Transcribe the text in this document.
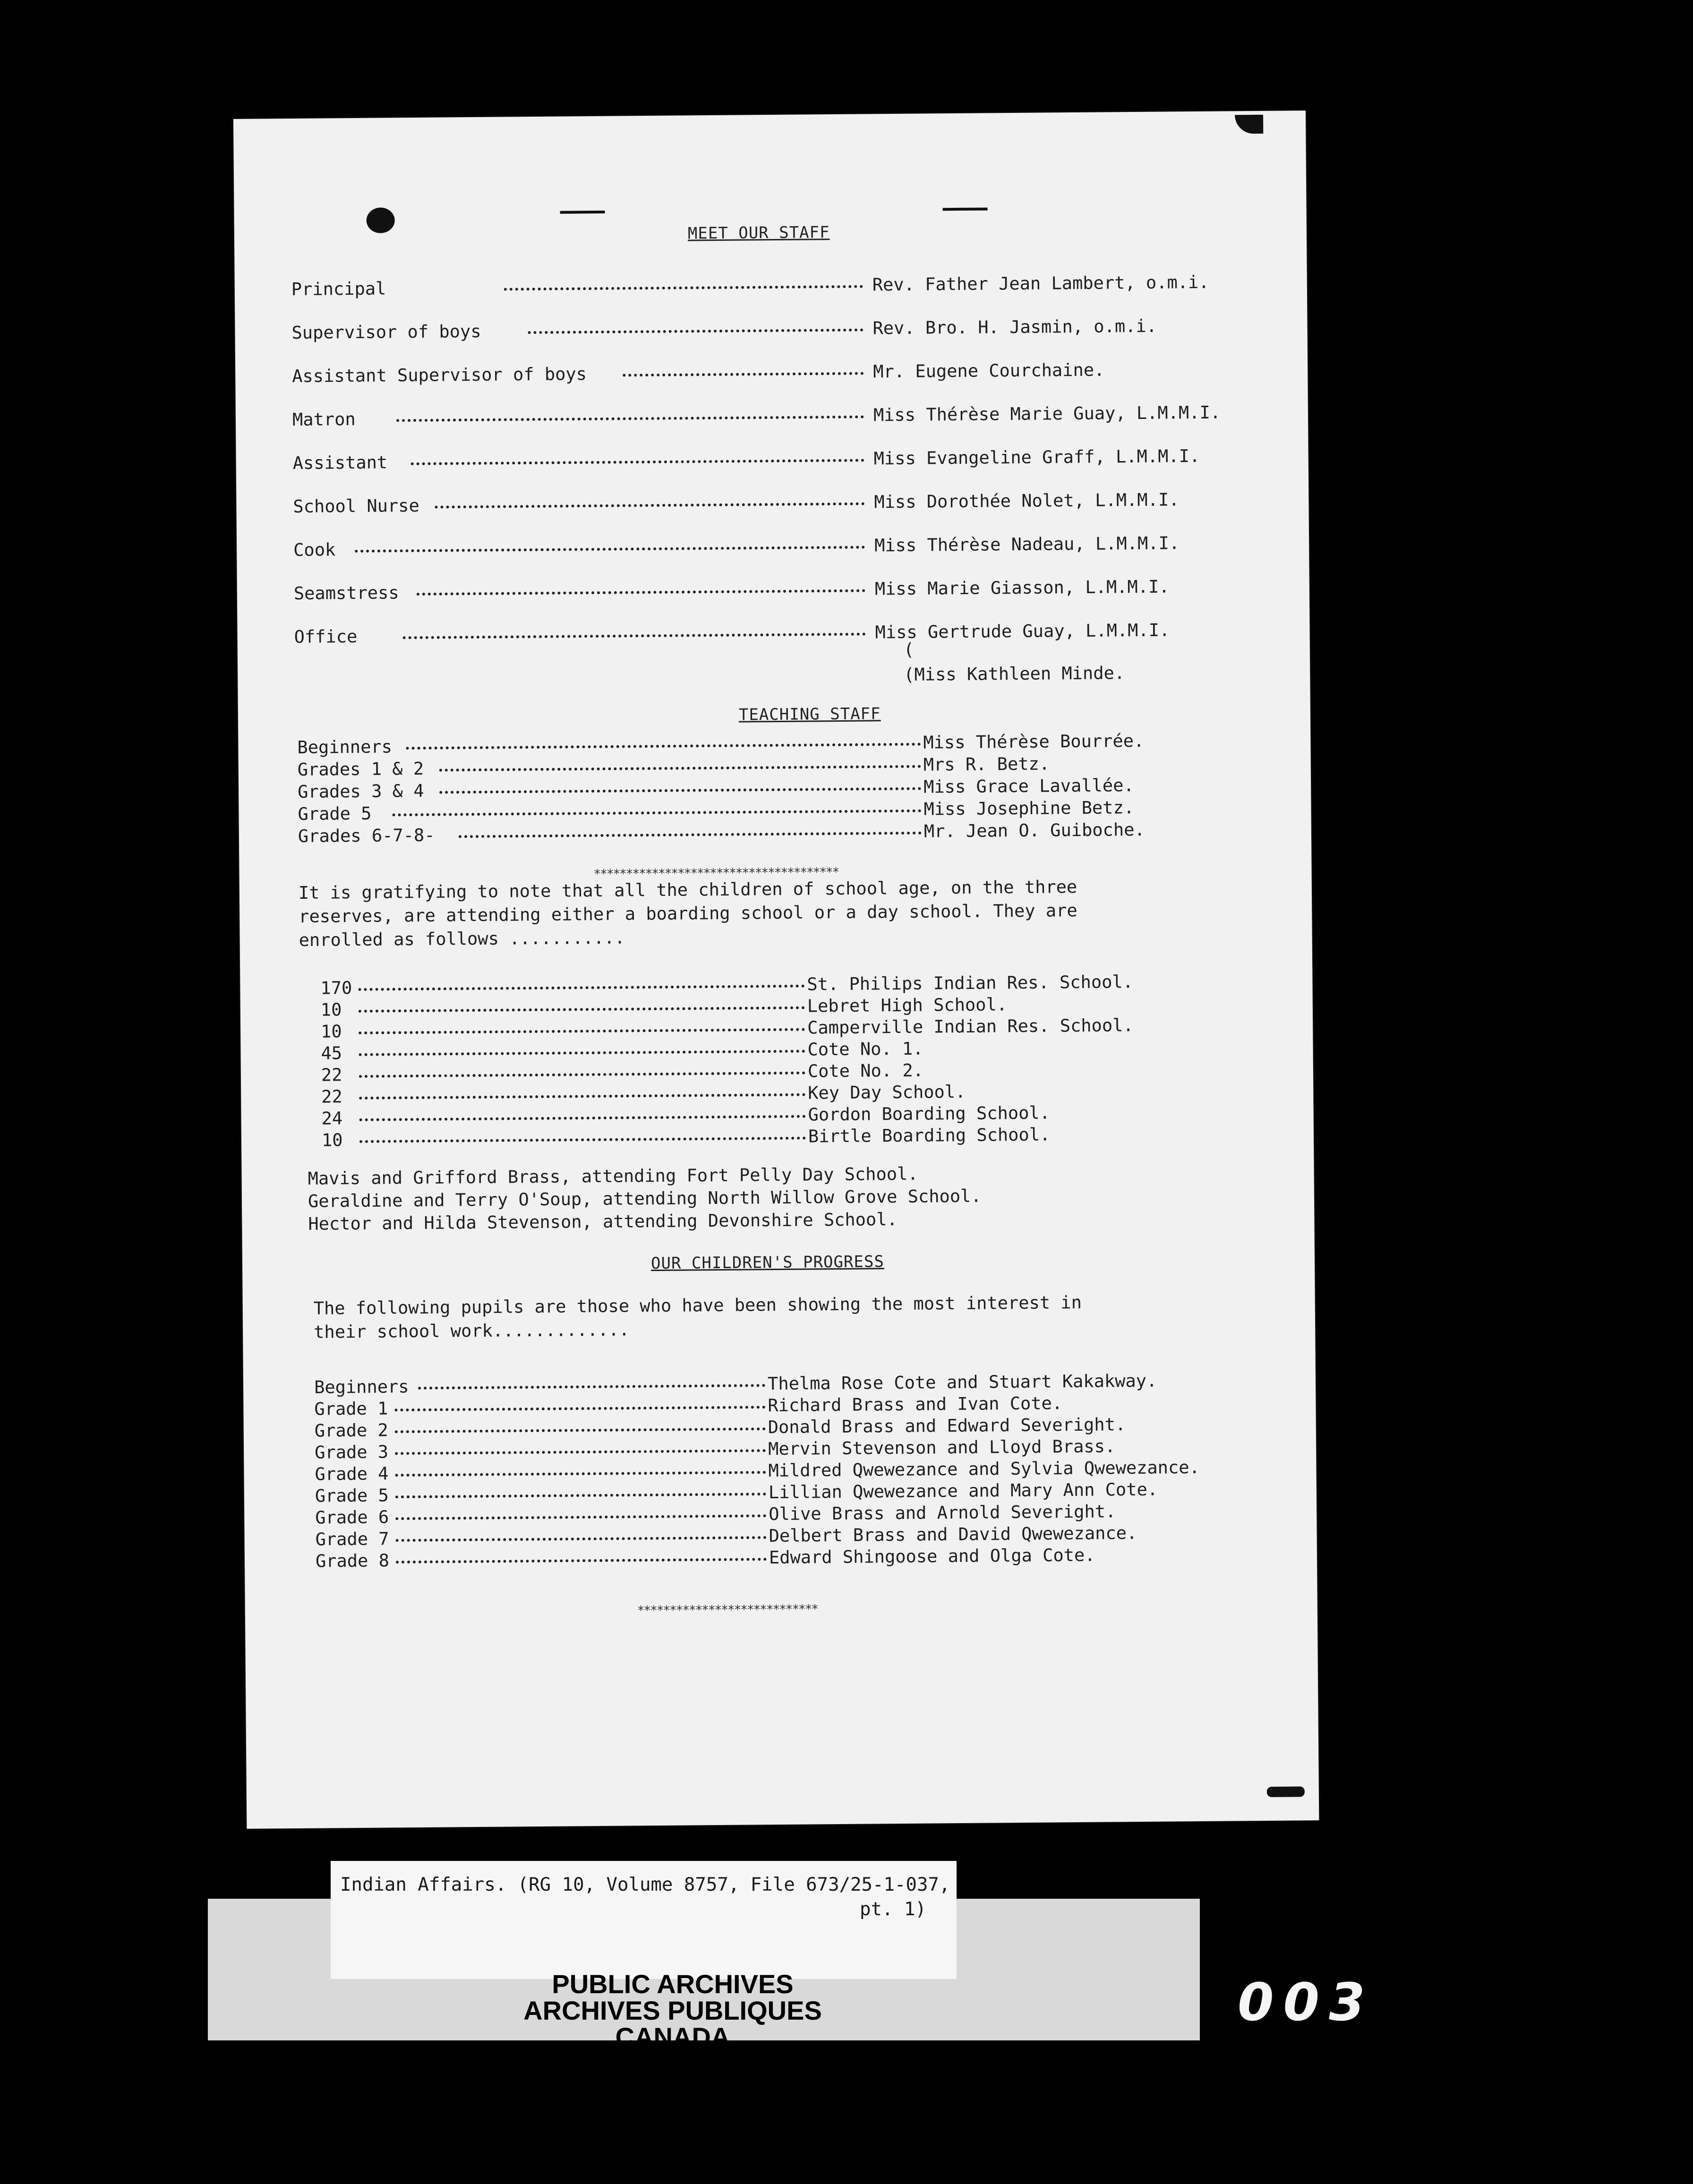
MEET OUR STAFF
Principal	Rev. Father Jean Lambert, o.m.i.
Supervisor of boys	Rev. Bro. H. Jasmin, o.m.i.
Assistant Supervisor of boys	Mr. Eugene Courchaine.
Matron	Miss Thérèse Marie Guay, L.M.M.I.
Assistant	Miss Evangeline Graff, L.M.M.I.
School Nurse	Miss Dorothée Nolet, L.M.M.I.
Cook	Miss Thérèse Nadeau, L.M.M.I.
Seamstress	Miss Marie Giasson, L.M.M.I.
Office	Miss Gertrude Guay, L.M.M.I.
(
(Miss Kathleen Minde.
TEACHING STAFF
Beginners	Miss Thérèse Bourrée.
Grades 1 & 2	Mrs R. Betz.
Grades 3 & 4	Miss Grace Lavallée.
Grade 5	Miss Josephine Betz.
Grades 6-7-8-	Mr. Jean O. Guiboche.
**************************************
It is gratifying to note that all the children of school age, on the three
reserves, are attending either a boarding school or a day school. They are
enrolled as follows ...........
170	St. Philips Indian Res. School.
10	Lebret High School.
10	Camperville Indian Res. School.
45	Cote No. 1.
22	Cote No. 2.
22	Key Day School.
24	Gordon Boarding School.
10	Birtle Boarding School.
Mavis and Grifford Brass, attending Fort Pelly Day School.
Geraldine and Terry O'Soup, attending North Willow Grove School.
Hector and Hilda Stevenson, attending Devonshire School.
OUR CHILDREN'S PROGRESS
The following pupils are those who have been showing the most interest in
their school work.............
Beginners	Thelma Rose Cote and Stuart Kakakway.
Grade 1	Richard Brass and Ivan Cote.
Grade 2	Donald Brass and Edward Severight.
Grade 3	Mervin Stevenson and Lloyd Brass.
Grade 4	Mildred Qwewezance and Sylvia Qwewezance.
Grade 5	Lillian Qwewezance and Mary Ann Cote.
Grade 6	Olive Brass and Arnold Severight.
Grade 7	Delbert Brass and David Qwewezance.
Grade 8	Edward Shingoose and Olga Cote.
****************************
Indian Affairs. (RG 10, Volume 8757, File 673/25-1-037,
pt. 1)
PUBLIC ARCHIVES
ARCHIVES PUBLIQUES
CANADA
003
